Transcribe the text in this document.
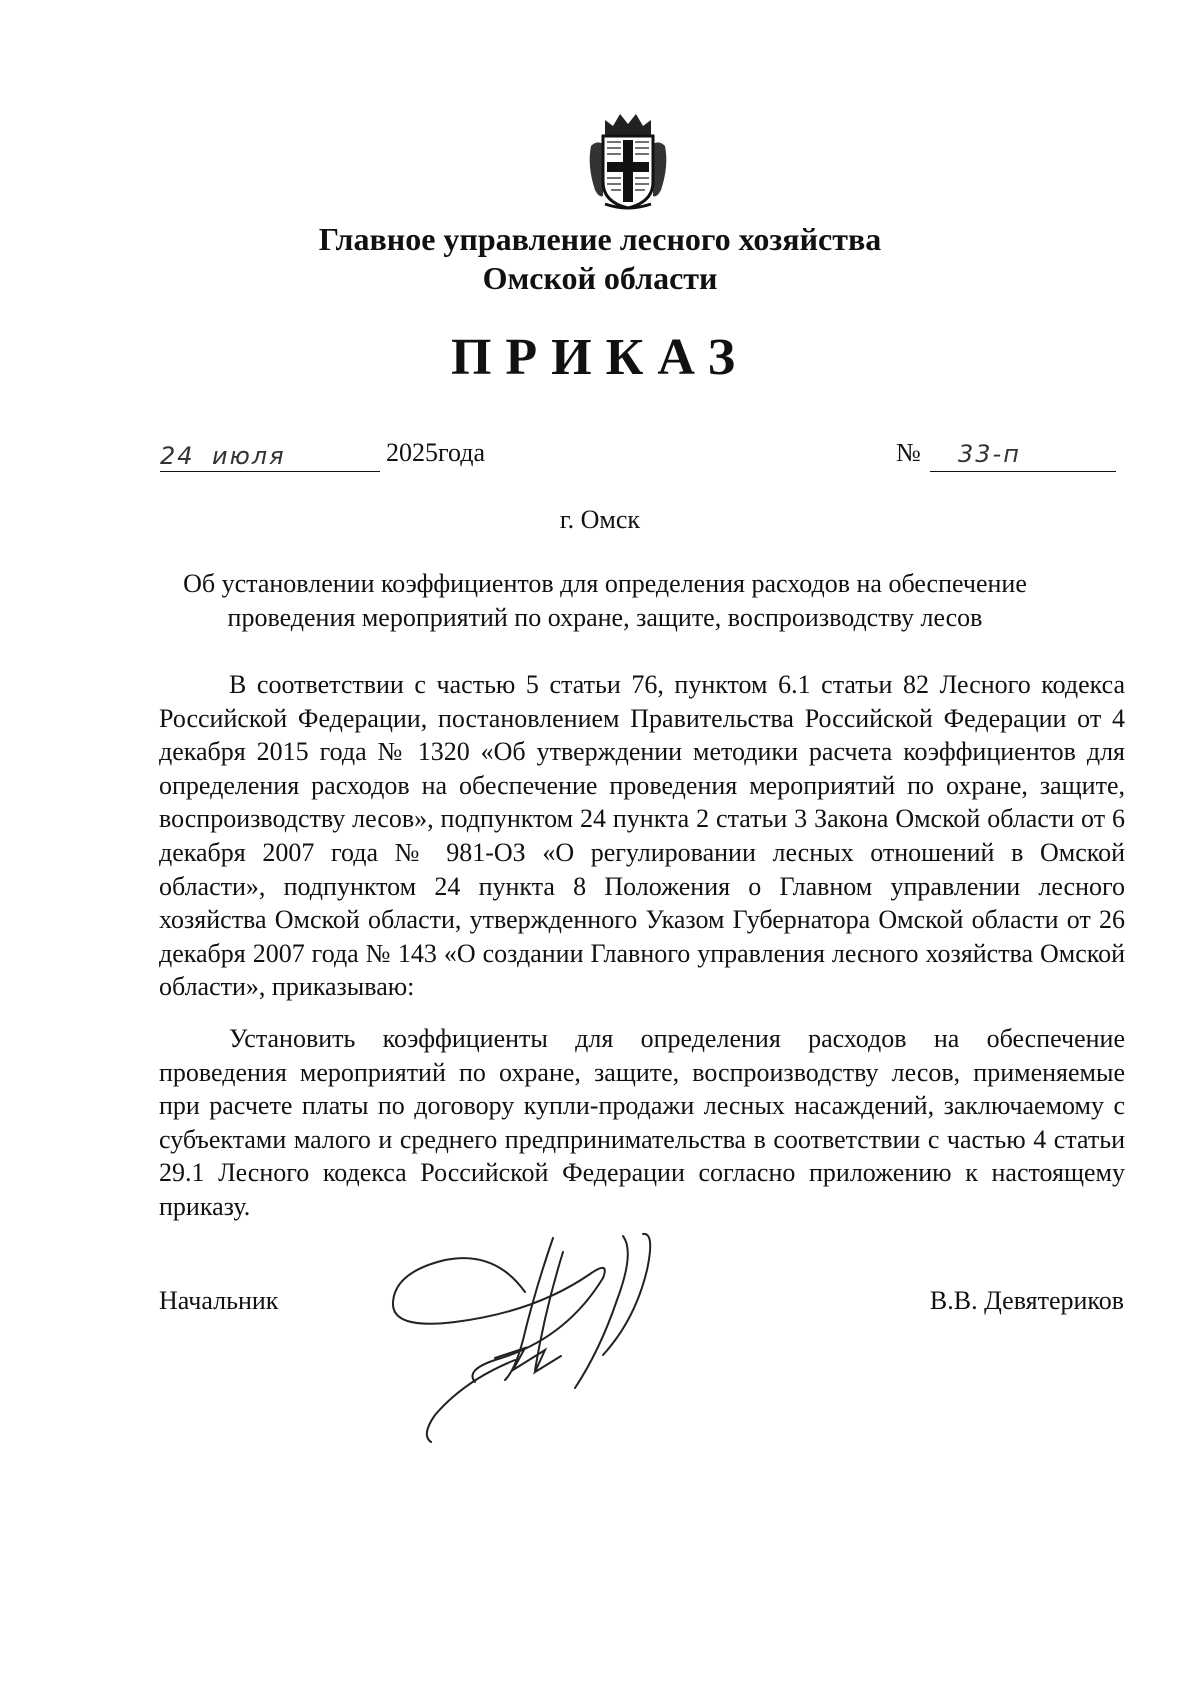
Главное управление лесного хозяйства
Омской области
ПРИКАЗ
24 июля	2025года	№ 33-п
г. Омск
Об установлении коэффициентов для определения расходов на обеспечение проведения мероприятий по охране, защите, воспроизводству лесов
В соответствии с частью 5 статьи 76, пунктом 6.1 статьи 82 Лесного кодекса Российской Федерации, постановлением Правительства Российской Федерации от 4 декабря 2015 года № 1320 «Об утверждении методики расчета коэффициентов для определения расходов на обеспечение проведения мероприятий по охране, защите, воспроизводству лесов», подпунктом 24 пункта 2 статьи 3 Закона Омской области от 6 декабря 2007 года № 981-ОЗ «О регулировании лесных отношений в Омской области», подпунктом 24 пункта 8 Положения о Главном управлении лесного хозяйства Омской области, утвержденного Указом Губернатора Омской области от 26 декабря 2007 года № 143 «О создании Главного управления лесного хозяйства Омской области», приказываю:
Установить коэффициенты для определения расходов на обеспечение проведения мероприятий по охране, защите, воспроизводству лесов, применяемые при расчете платы по договору купли-продажи лесных насаждений, заключаемому с субъектами малого и среднего предпринимательства в соответствии с частью 4 статьи 29.1 Лесного кодекса Российской Федерации согласно приложению к настоящему приказу.
Начальник	В.В. Девятериков
